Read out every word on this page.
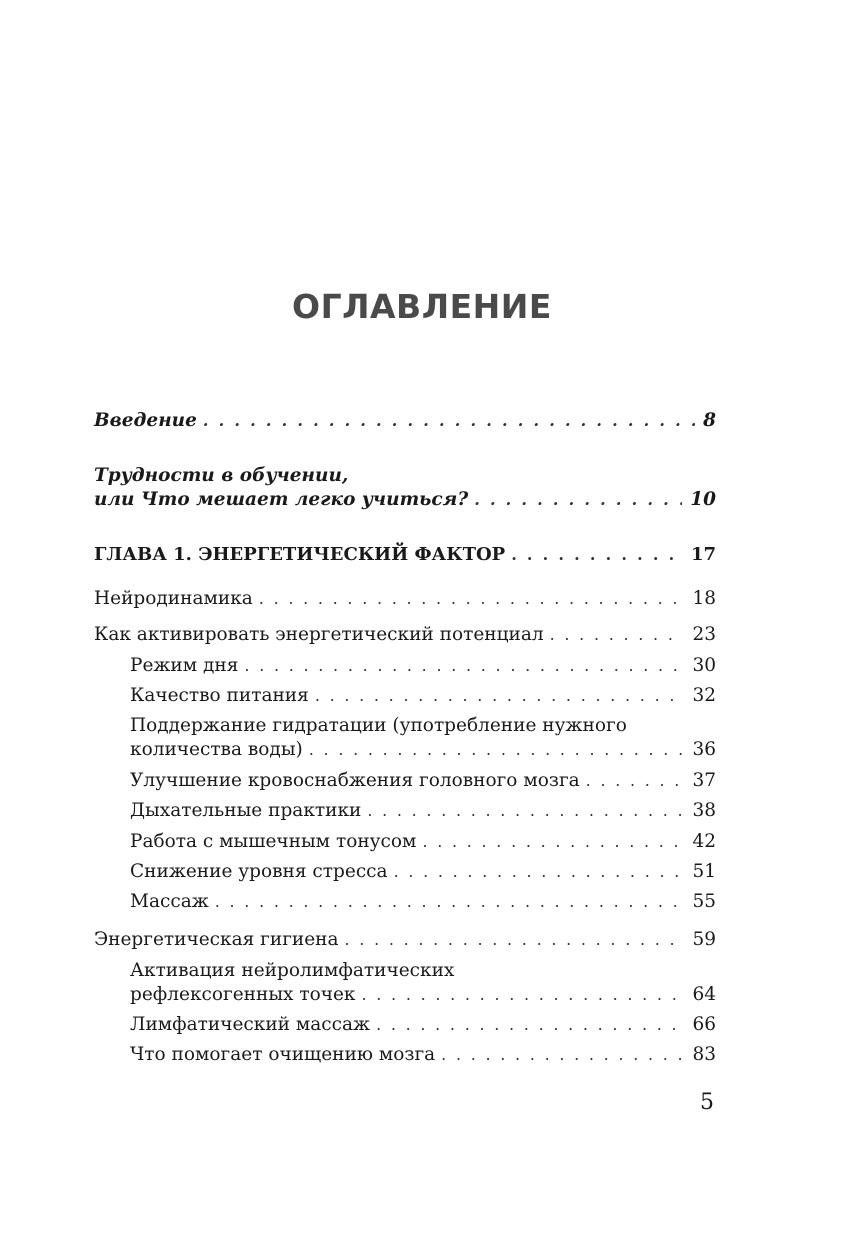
ОГЛАВЛЕНИЕ
Введение . . .	8
Трудности в обучении,
или Что мешает легко учиться? . . .	10
ГЛАВА 1. ЭНЕРГЕТИЧЕСКИЙ ФАКТОР . . .	17
Нейродинамика . . .	18
Как активировать энергетический потенциал . . .	23
Режим дня . . .	30
Качество питания . . .	32
Поддержание гидратации (употребление нужного
количества воды) . . .	36
Улучшение кровоснабжения головного мозга . . .	37
Дыхательные практики . . .	38
Работа с мышечным тонусом . . .	42
Снижение уровня стресса . . .	51
Массаж . . .	55
Энергетическая гигиена . . .	59
Активация нейролимфатических
рефлексогенных точек . . .	64
Лимфатический массаж . . .	66
Что помогает очищению мозга . . .	83
5
